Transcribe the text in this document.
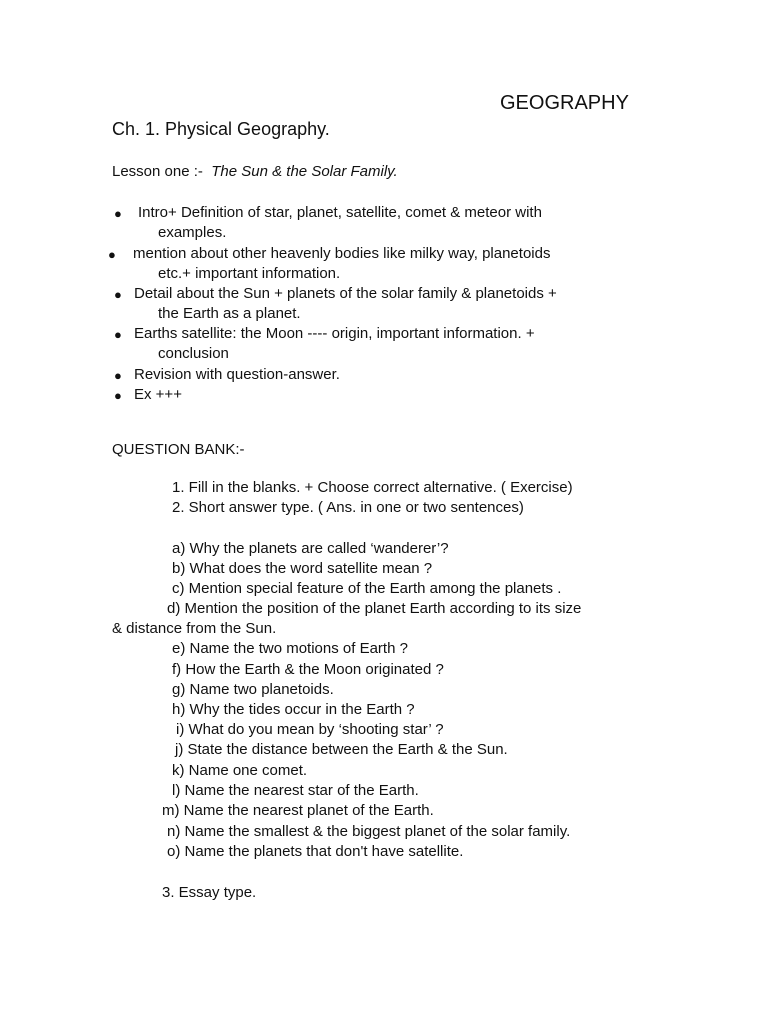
GEOGRAPHY
Ch. 1. Physical Geography.
Lesson one :- The Sun & the Solar Family.
● Intro+ Definition of star, planet, satellite, comet & meteor with
examples.
● mention about other heavenly bodies like milky way, planetoids
etc.+ important information.
● Detail about the Sun + planets of the solar family & planetoids +
the Earth as a planet.
● Earths satellite: the Moon ---- origin, important information. +
conclusion
● Revision with question-answer.
● Ex +++
QUESTION BANK:-
1. Fill in the blanks. + Choose correct alternative. ( Exercise)
2. Short answer type. ( Ans. in one or two sentences)
a) Why the planets are called ‘wanderer’?
b) What does the word satellite mean ?
c) Mention special feature of the Earth among the planets .
d) Mention the position of the planet Earth according to its size
& distance from the Sun.
e) Name the two motions of Earth ?
f) How the Earth & the Moon originated ?
g) Name two planetoids.
h) Why the tides occur in the Earth ?
i) What do you mean by ‘shooting star’ ?
j) State the distance between the Earth & the Sun.
k) Name one comet.
l) Name the nearest star of the Earth.
m) Name the nearest planet of the Earth.
n) Name the smallest & the biggest planet of the solar family.
o) Name the planets that don't have satellite.
3. Essay type.
